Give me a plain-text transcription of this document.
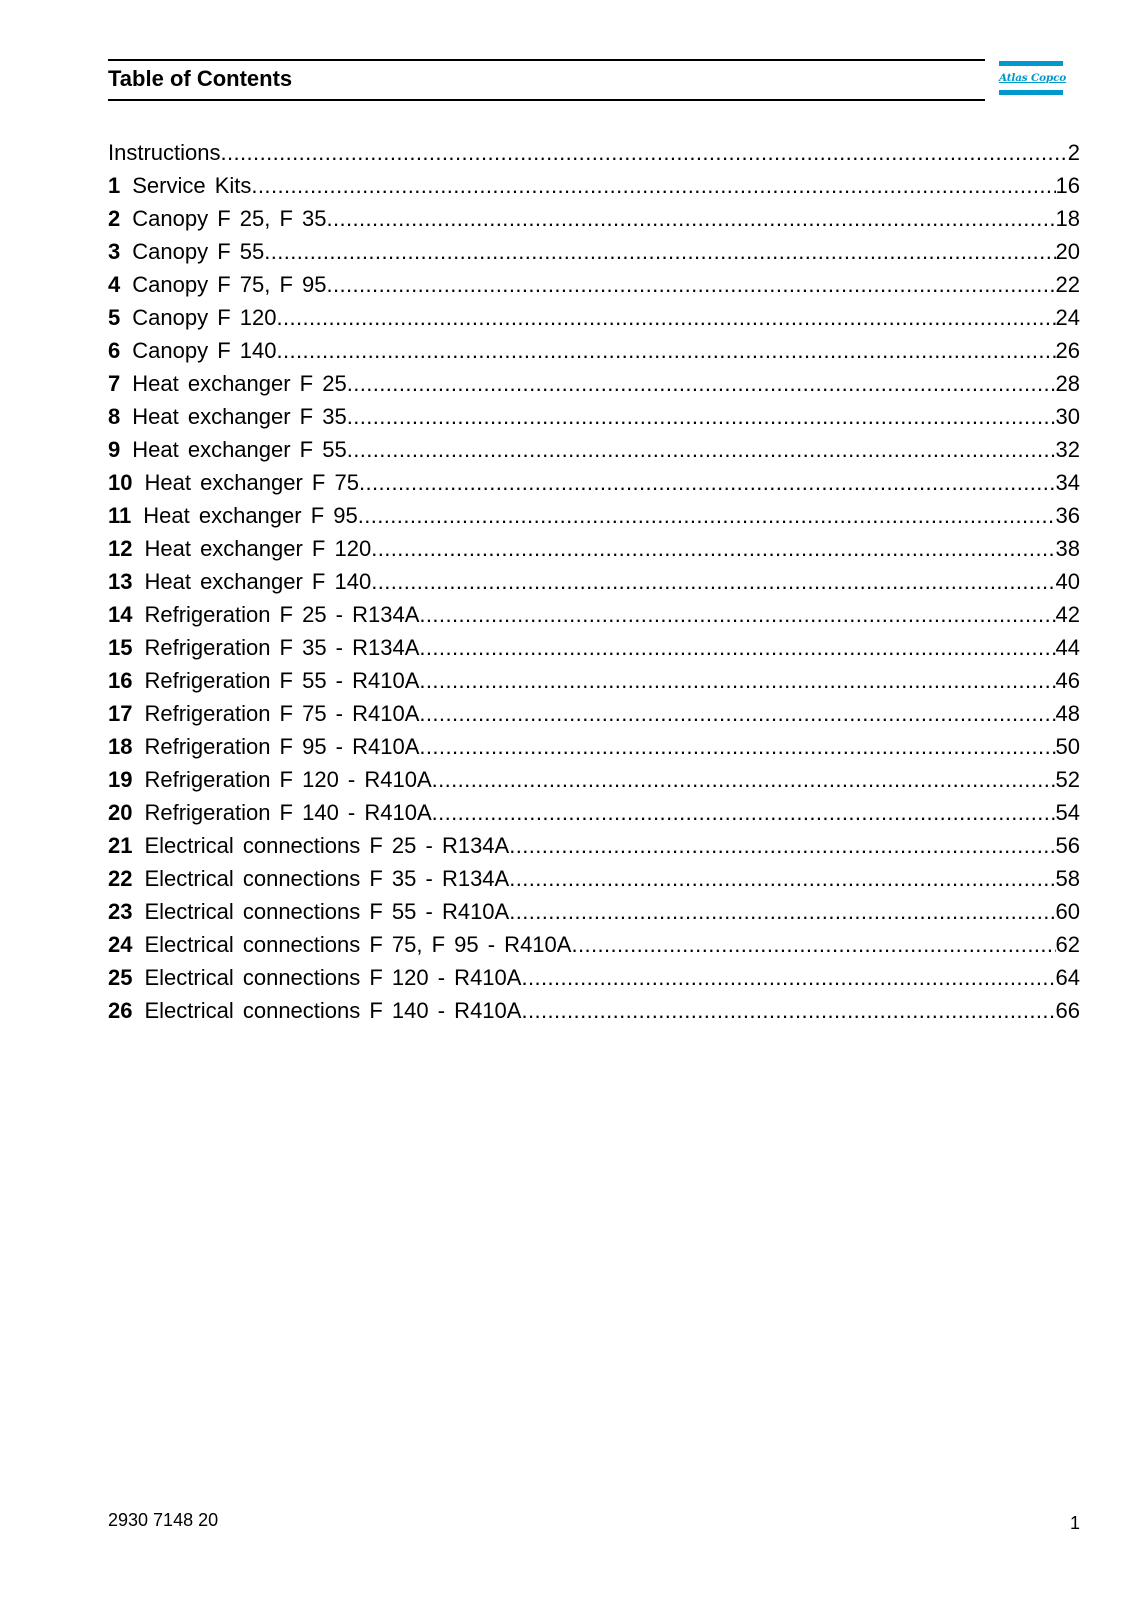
Table of Contents	Atlas Copco
Instructions .....	2
1 Service Kits .....	16
2 Canopy F 25, F 35 .....	18
3 Canopy F 55 .....	20
4 Canopy F 75, F 95 .....	22
5 Canopy F 120 .....	24
6 Canopy F 140 .....	26
7 Heat exchanger F 25 .....	28
8 Heat exchanger F 35 .....	30
9 Heat exchanger F 55 .....	32
10 Heat exchanger F 75 .....	34
11 Heat exchanger F 95 .....	36
12 Heat exchanger F 120 .....	38
13 Heat exchanger F 140 .....	40
14 Refrigeration F 25 - R134A .....	42
15 Refrigeration F 35 - R134A .....	44
16 Refrigeration F 55 - R410A .....	46
17 Refrigeration F 75 - R410A .....	48
18 Refrigeration F 95 - R410A .....	50
19 Refrigeration F 120 - R410A .....	52
20 Refrigeration F 140 - R410A .....	54
21 Electrical connections F 25 - R134A .....	56
22 Electrical connections F 35 - R134A .....	58
23 Electrical connections F 55 - R410A .....	60
24 Electrical connections F 75, F 95 - R410A .....	62
25 Electrical connections F 120 - R410A .....	64
26 Electrical connections F 140 - R410A .....	66
2930 7148 20	1
